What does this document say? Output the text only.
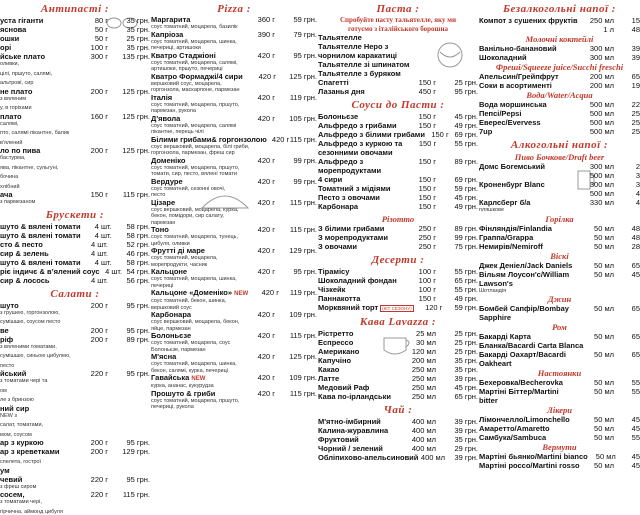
Антипасті :
уста гіганти	80 г	35 грн.
яснова	50 г	35 грн.
ошки	50 г	25 грн.
орі	100 г	35 грн.
йське плато
оливки,
300 г	135 грн.
цілі, пршуто, салямі,
альтрові, сир
не плато
з вяленим
200 г	125 грн.
у, в горіхами
плато
салямі,
160 г	125 грн.
пто, салямі пікантне, балик
в'ялений
ло по пива
бастурма,
200 г	125 грн.
ява, пікантне, сульгуні, бочина
хлібний
ача
з пармезаном
150 г	115 грн.
Брускети :
шуто & вялені томати	4 шт.	58 грн.
шуто & вялені томати	4 шт.	58 грн.
сто & песто	4 шт.	52 грн.
сир & зелень	4 шт.	46 грн.
шуто & вялені томати	4 шт.	58 грн.
ріє індичє & вʼялений соус 4 шт. 54 грн.
сир & лосось	4 шт.	56 грн.
Салати :
шуто
з грушею, горгонзолою,
200 г	95 грн.
сумішшю, соусом песто
ве	200 г	95 грн.
ріф
з вяленими томатами,
200 г	89 грн.
сумішшю, синьою цибулею,
песто
йський
з томатами чері та
220 г	95 грн.
ом
ле з бринзою
ний сир
NEW з
салат, томатами,
мом, соусом
ар з куркою	200 г	95 грн.
ар з креветками	200 г	129 грн.
спелета, гострої
ум
чевий
з фреш сиром
220 г	95 грн.
сосем,
з томатами чері,
220 г	115 грн.
гірчична, аймонд цибуля
Pizza :
Маргарита
соус томатний, моцарела, базилік
360 г	59 грн.
Капріоза
соус томатний, моцарела, шинка, печериці, артишоки
390 г	79 грн.
Кватро Стаджіоні
соус томатний, моцарела, салямі, артишоки, пршуто, печериці
420 г	95 грн.
Кватро Формаджі/4 сири
вершковий соус, моцарела, горгонзола, маскарпоне, пармезан
420 г	125 грн.
Італія
соус томатний, моцарела, пршуто, пармезан, рукола
420 г	119 грн.
Д'явола
соус томатний, моцарела, салямі пікантне, перець чілі
420 г	105 грн.
Білими грибами& горгонзолою
соус вершковий, моцарела, білі гриби, горгонзола, пармезан, фреш сир
420 г 115 грн.
Доменіко
соус томатний, моцарела, пршуто, томати, сир, песто, вялені томати
420 г	99 грн.
Вердуре
соус томатний, сезонні овочі, песто
420 г	99 грн.
Цізаре
соус вершковий, моцарела, курка, бекон, помідори, сир салату, пармезан
420 г	115 грн.
Тоно
соус томатний, моцарела, тунець, цибуля, оливки
420 г	115 грн.
Фрутті ді маре
соус томатний, моцарела, морепродукти, часник
420 г	129 грн.
Кальцоне
соус томатний, моцарела, шинка, печериці
420 г	95 грн.
Кальцоне «Доменіко» NEW
соус томатний, бекон, шинка, вершковий соус
420 г	119 грн.
Карбонара
соус вершковий, моцарела, бекон, яйце, пармезан
420 г	109 грн.
Болоньєзе
соус томатний, моцарела, соус Болоньєзе, пармезан
420 г	115 грн.
М'ясна
соус томатний, моцарела, шинка, бекон, салямі, курка, печериці
420 г	125 грн.
Гавайська NEW
курка, ананас, кукурудза
420 г	109 грн.
Прошуто & гриби
соус томатний, моцарела, пршуто, печериці, рукола
420 г	115 грн.
Паста :
Спробуйте пасту тальятелле, яку ми готуємо з італійського борошна
Тальятелле
Тальятелле Неро з
чорнилом каракатиці
Тальятелле зі шпинатом
Тальятелле з буряком
Спагетті	150 г	25 грн.
Лазанья дня	450 г	95 грн.
Соуси до Пасти :
Болоньєзе	150 г	45 грн.
Альфредо з грибами	150 г	49 грн.
Альфредо з білими грибами 150 г 69 грн.
Альфредо з куркою та	150 г	55 грн.
сезонними овочами
Альфредо з	150 г	89 грн.
морепродуктами
4 сири	150 г	69 грн.
Томатний з мідіями	150 г	59 грн.
Песто з овочами	150 г	45 грн.
Карбонара	150 г	49 грн.
Різотто
З білими грибами	250 г	89 грн.
З морепродуктами	250 г	99 грн.
З овочами	250 г	75 грн.
Десерти :
Тірамісу	100 г	55 грн.
Шоколадний фондан	100 г	65 грн.
Чізкейк	100 г	55 грн.
Паннакотта	150 г	49 грн.
Морквяний торт (КІТ СЕЗОНУ)	120 г	59 грн.
Кава Lavazza :
Рістретто	25 мл	25 грн.
Еспрессо	30 мл	25 грн.
Американо	120 мл	25 грн.
Капучіно	200 мл	35 грн.
Какао	250 мл	35 грн.
Латте	250 мл	39 грн.
Медовий Раф	250 мл	45 грн.
Кава по-ірландськи	250 мл	65 грн.
Чай :
М'ятно-імбирний	400 мл	39 грн.
Калина-журавлина	400 мл	39 грн.
Фруктовий	400 мл	35 грн.
Чорний / зелений	400 мл	29 грн.
Обліпихово-апельсиновий 400 мл	39 грн.
Безалкогольні напої :
Компот з сушених фруктів	250 мл	15
1 л	48
Молочні коктейлі
Ванільно-банановий	300 мл	39
Шоколадний	300 мл	39
Фреші/Squeeze juice/Succhi freschi
Апельсин/Грейпфрут	200 мл	65
Соки в асортименті	200 мл	19
Вода/Water/Acqua
Вода моршинська	500 мл	22
Пепсі/Pepsi	500 мл	25
Еверес/Evervess	500 мл	25
7up	500 мл	25
Алкогольні напої :
Пиво Бочкове/Draft beer
Домс Богемський	300 мл	2
500 мл	3
Кроненбург Blanc	300 мл	3
500 мл	4
Карлсберг б/а
пляшкове
330 мл	4
Горілка
Фінляндія/Finlandia	50 мл	48
Граппа/Grappa	50 мл	48
Немирів/Nemiroff	50 мл	28
Віскі
Джек Деніел/Jack Daniels	50 мл	65
Вільям Лоусон'с/William	50 мл	45
Lawson's
Шотландія
Джин
Бомбей Сапфір/Bombay	50 мл	65
Sapphire
Ром
Бакарді Карта	50 мл	65
Бланка/Bacardi Carta Blanca
Бакарді Оахарт/Bacardi	50 мл	65
Oakheart
Настоянки
Бехеровка/Becherovka	50 мл	55
Мартіні Біттер/Martini	50 мл	55
bitter
Лікери
Лімончелло/Limonchello	50 мл	45
Амаретто/Amaretto	50 мл	45
Самбука/Sambuca	50 мл	55
Вермути
Мартіні бьянко/Martini bianco	50 мл	45
Мартіні россо/Martini rosso	50 мл	45
